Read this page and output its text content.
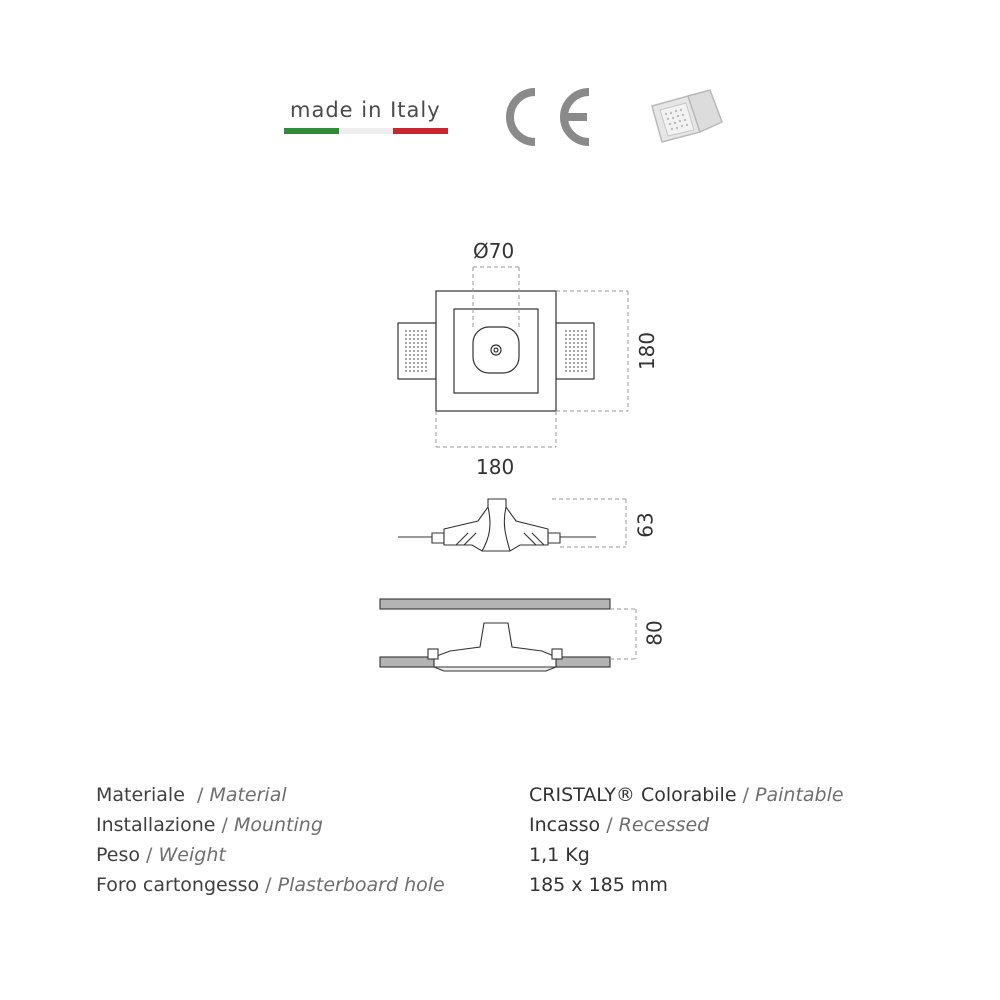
made in Italy
Ø70
180
180
63
80
Materiale / Material	CRISTALY® Colorabile / Paintable
Installazione / Mounting	Incasso / Recessed
Peso / Weight	1,1 Kg
Foro cartongesso / Plasterboard hole	185 x 185 mm
